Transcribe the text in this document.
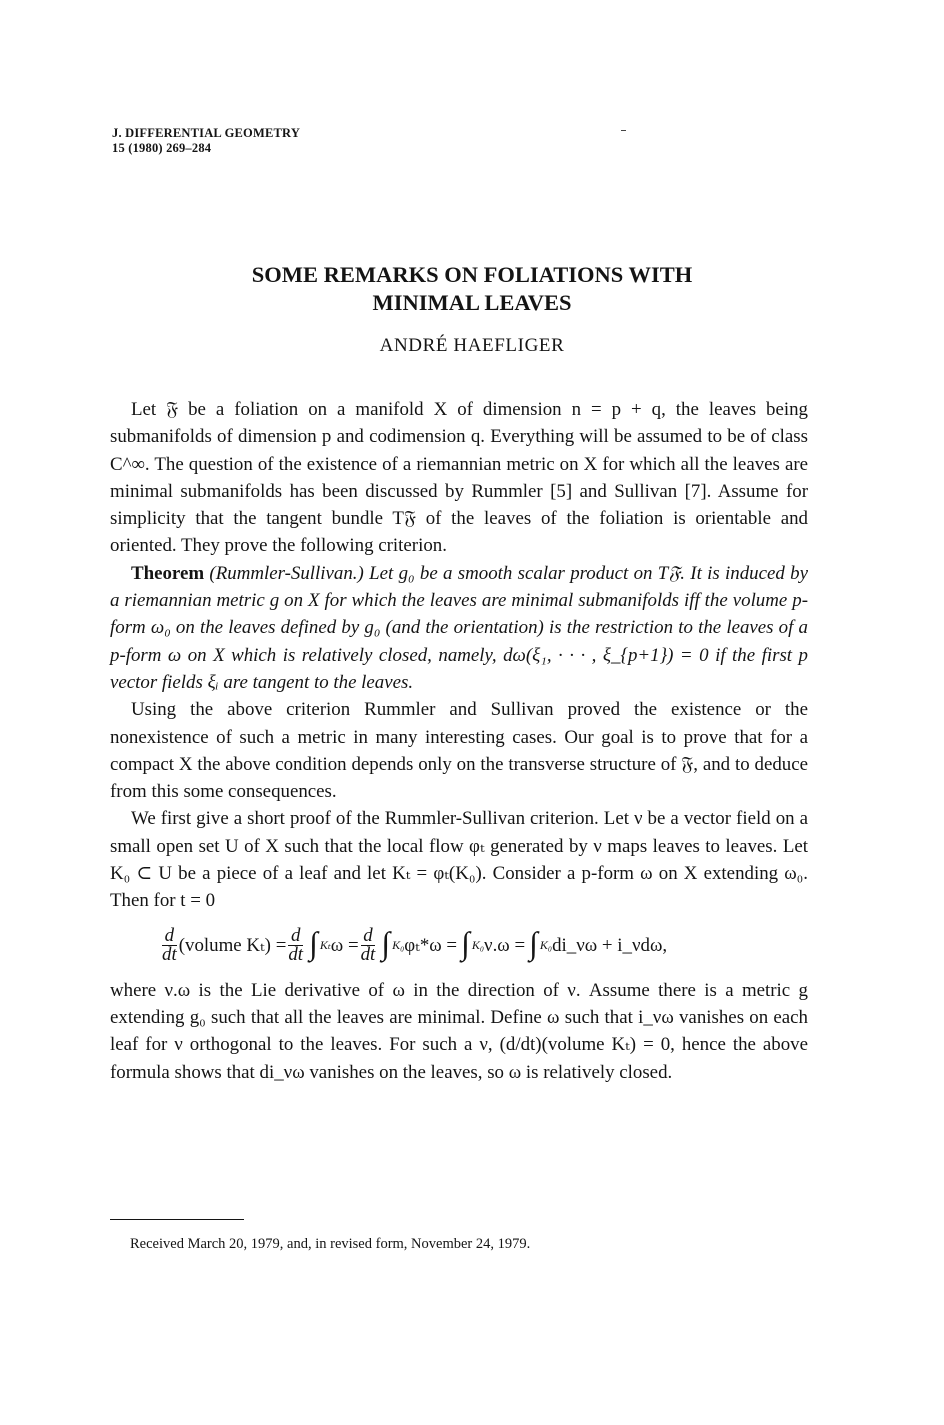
J. DIFFERENTIAL GEOMETRY
15 (1980) 269–284
SOME REMARKS ON FOLIATIONS WITH
MINIMAL LEAVES
ANDRÉ HAEFLIGER

Let 𝔉 be a foliation on a manifold X of dimension n = p + q, the leaves being submanifolds of dimension p and codimension q. Everything will be assumed to be of class C^∞. The question of the existence of a riemannian metric on X for which all the leaves are minimal submanifolds has been discussed by Rummler [5] and Sullivan [7]. Assume for simplicity that the tangent bundle T𝔉 of the leaves of the foliation is orientable and oriented. They prove the following criterion.

Theorem (Rummler-Sullivan.) Let g₀ be a smooth scalar product on T𝔉. It is induced by a riemannian metric g on X for which the leaves are minimal submanifolds iff the volume p-form ω₀ on the leaves defined by g₀ (and the orientation) is the restriction to the leaves of a p-form ω on X which is relatively closed, namely, dω(ξ₁, · · · , ξ_{p+1}) = 0 if the first p vector fields ξᵢ are tangent to the leaves.

Using the above criterion Rummler and Sullivan proved the existence or the nonexistence of such a metric in many interesting cases. Our goal is to prove that for a compact X the above condition depends only on the transverse structure of 𝔉, and to deduce from this some consequences.

We first give a short proof of the Rummler-Sullivan criterion. Let ν be a vector field on a small open set U of X such that the local flow φₜ generated by ν maps leaves to leaves. Let K₀ ⊂ U be a piece of a leaf and let Kₜ = φₜ(K₀). Consider a p-form ω on X extending ω₀. Then for t = 0

$\frac{d}{dt}$ (volume $K_t) = \frac{d}{dt}$ ∫ Kₜ $\omega = \frac{d}{dt}$ ∫ K₀ φₜ*ω = ∫ K₀ ν.ω = ∫ K₀ di_νω + i_νdω,

where ν.ω is the Lie derivative of ω in the direction of ν. Assume there is a metric g extending g₀ such that all the leaves are minimal. Define ω such that i_νω vanishes on each leaf for ν orthogonal to the leaves. For such a ν, (d/dt)(volume Kₜ) = 0, hence the above formula shows that di_νω vanishes on the leaves, so ω is relatively closed.

Received March 20, 1979, and, in revised form, November 24, 1979.
